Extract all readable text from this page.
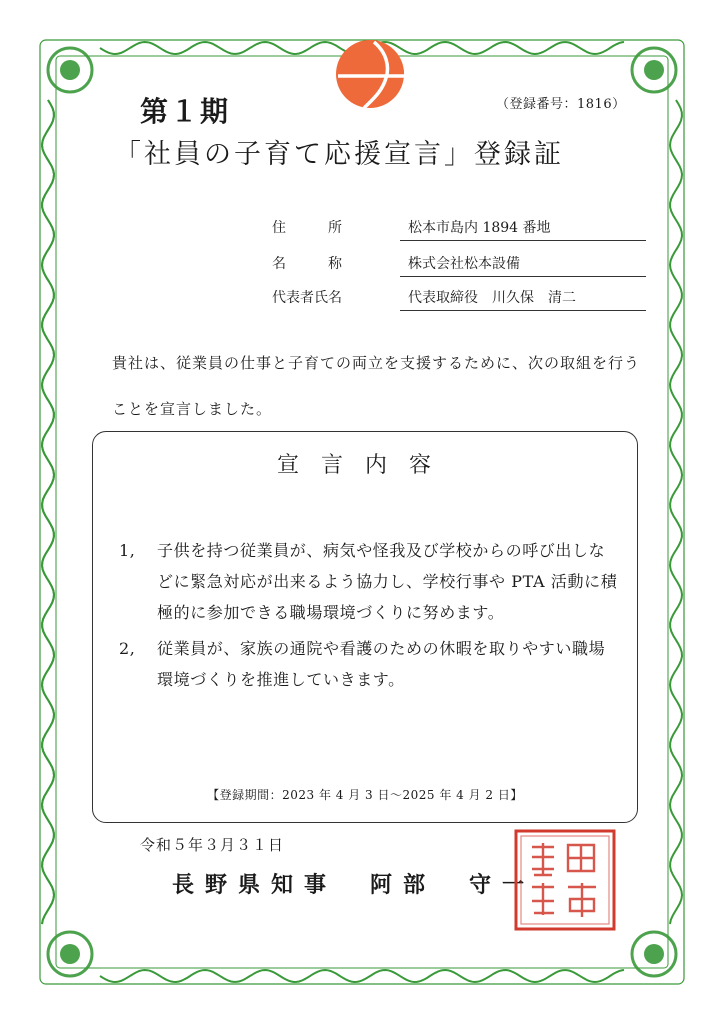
第１期	（登録番号：1816）
「社員の子育て応援宣言」登録証
住　　　所	松本市島内 1894 番地
名　　　称	株式会社松本設備
代表者氏名	代表取締役　川久保　清二
貴社は、従業員の仕事と子育ての両立を支援するために、次の取組を行うことを宣言しました。
宣言内容
1, 子供を持つ従業員が、病気や怪我及び学校からの呼び出しなどに緊急対応が出来るよう協力し、学校行事や PTA 活動に積極的に参加できる職場環境づくりに努めます。
2, 従業員が、家族の通院や看護のための休暇を取りやすい職場環境づくりを推進していきます。
【登録期間：2023 年 4 月 3 日～2025 年 4 月 2 日】
令和５年３月３１日
長野県知事　阿部　守一
